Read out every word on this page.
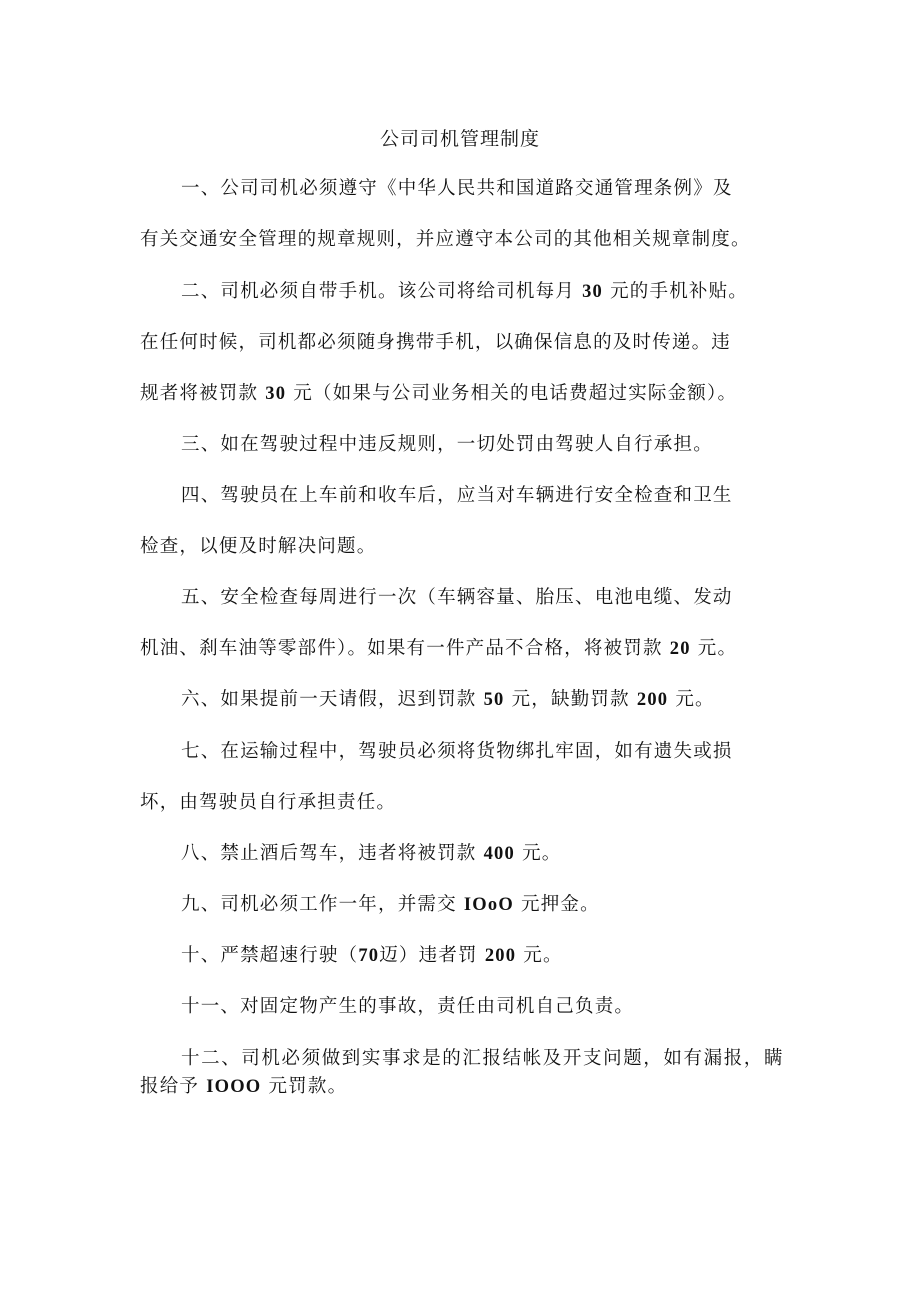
公司司机管理制度
一、公司司机必须遵守《中华人民共和国道路交通管理条例》及
有关交通安全管理的规章规则，并应遵守本公司的其他相关规章制度。
二、司机必须自带手机。该公司将给司机每月 30 元的手机补贴。
在任何时候，司机都必须随身携带手机，以确保信息的及时传递。违
规者将被罚款 30 元（如果与公司业务相关的电话费超过实际金额）。
三、如在驾驶过程中违反规则，一切处罚由驾驶人自行承担。
四、驾驶员在上车前和收车后，应当对车辆进行安全检查和卫生
检查，以便及时解决问题。
五、安全检查每周进行一次（车辆容量、胎压、电池电缆、发动
机油、刹车油等零部件）。如果有一件产品不合格，将被罚款 20 元。
六、如果提前一天请假，迟到罚款 50 元，缺勤罚款 200 元。
七、在运输过程中，驾驶员必须将货物绑扎牢固，如有遗失或损
坏，由驾驶员自行承担责任。
八、禁止酒后驾车，违者将被罚款 400 元。
九、司机必须工作一年，并需交 IOoO 元押金。
十、严禁超速行驶（70迈）违者罚 200 元。
十一、对固定物产生的事故，责任由司机自己负责。
十二、司机必须做到实事求是的汇报结帐及开支问题，如有漏报，瞒
报给予 IOOO 元罚款。
